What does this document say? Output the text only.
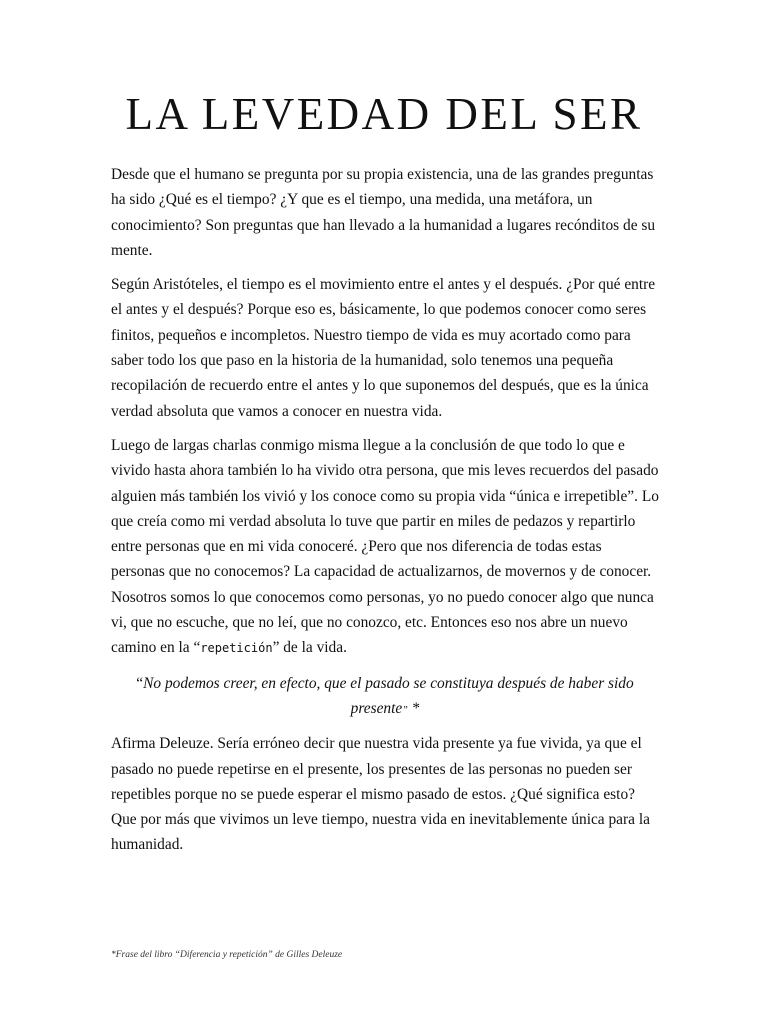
LA LEVEDAD DEL SER

Desde que el humano se pregunta por su propia existencia, una de las grandes preguntas ha sido ¿Qué es el tiempo? ¿Y que es el tiempo, una medida, una metáfora, un conocimiento? Son preguntas que han llevado a la humanidad a lugares recónditos de su mente.

Según Aristóteles, el tiempo es el movimiento entre el antes y el después. ¿Por qué entre el antes y el después? Porque eso es, básicamente, lo que podemos conocer como seres finitos, pequeños e incompletos. Nuestro tiempo de vida es muy acortado como para saber todo los que paso en la historia de la humanidad, solo tenemos una pequeña recopilación de recuerdo entre el antes y lo que suponemos del después, que es la única verdad absoluta que vamos a conocer en nuestra vida.

Luego de largas charlas conmigo misma llegue a la conclusión de que todo lo que e vivido hasta ahora también lo ha vivido otra persona, que mis leves recuerdos del pasado alguien más también los vivió y los conoce como su propia vida “única e irrepetible”. Lo que creía como mi verdad absoluta lo tuve que partir en miles de pedazos y repartirlo entre personas que en mi vida conoceré. ¿Pero que nos diferencia de todas estas personas que no conocemos? La capacidad de actualizarnos, de movernos y de conocer. Nosotros somos lo que conocemos como personas, yo no puedo conocer algo que nunca vi, que no escuche, que no leí, que no conozco, etc. Entonces eso nos abre un nuevo camino en la “repetición” de la vida.

“No podemos creer, en efecto, que el pasado se constituya después de haber sido presente” *

Afirma Deleuze. Sería erróneo decir que nuestra vida presente ya fue vivida, ya que el pasado no puede repetirse en el presente, los presentes de las personas no pueden ser repetibles porque no se puede esperar el mismo pasado de estos. ¿Qué significa esto? Que por más que vivimos un leve tiempo, nuestra vida en inevitablemente única para la humanidad.

*Frase del libro “Diferencia y repetición” de Gilles Deleuze
